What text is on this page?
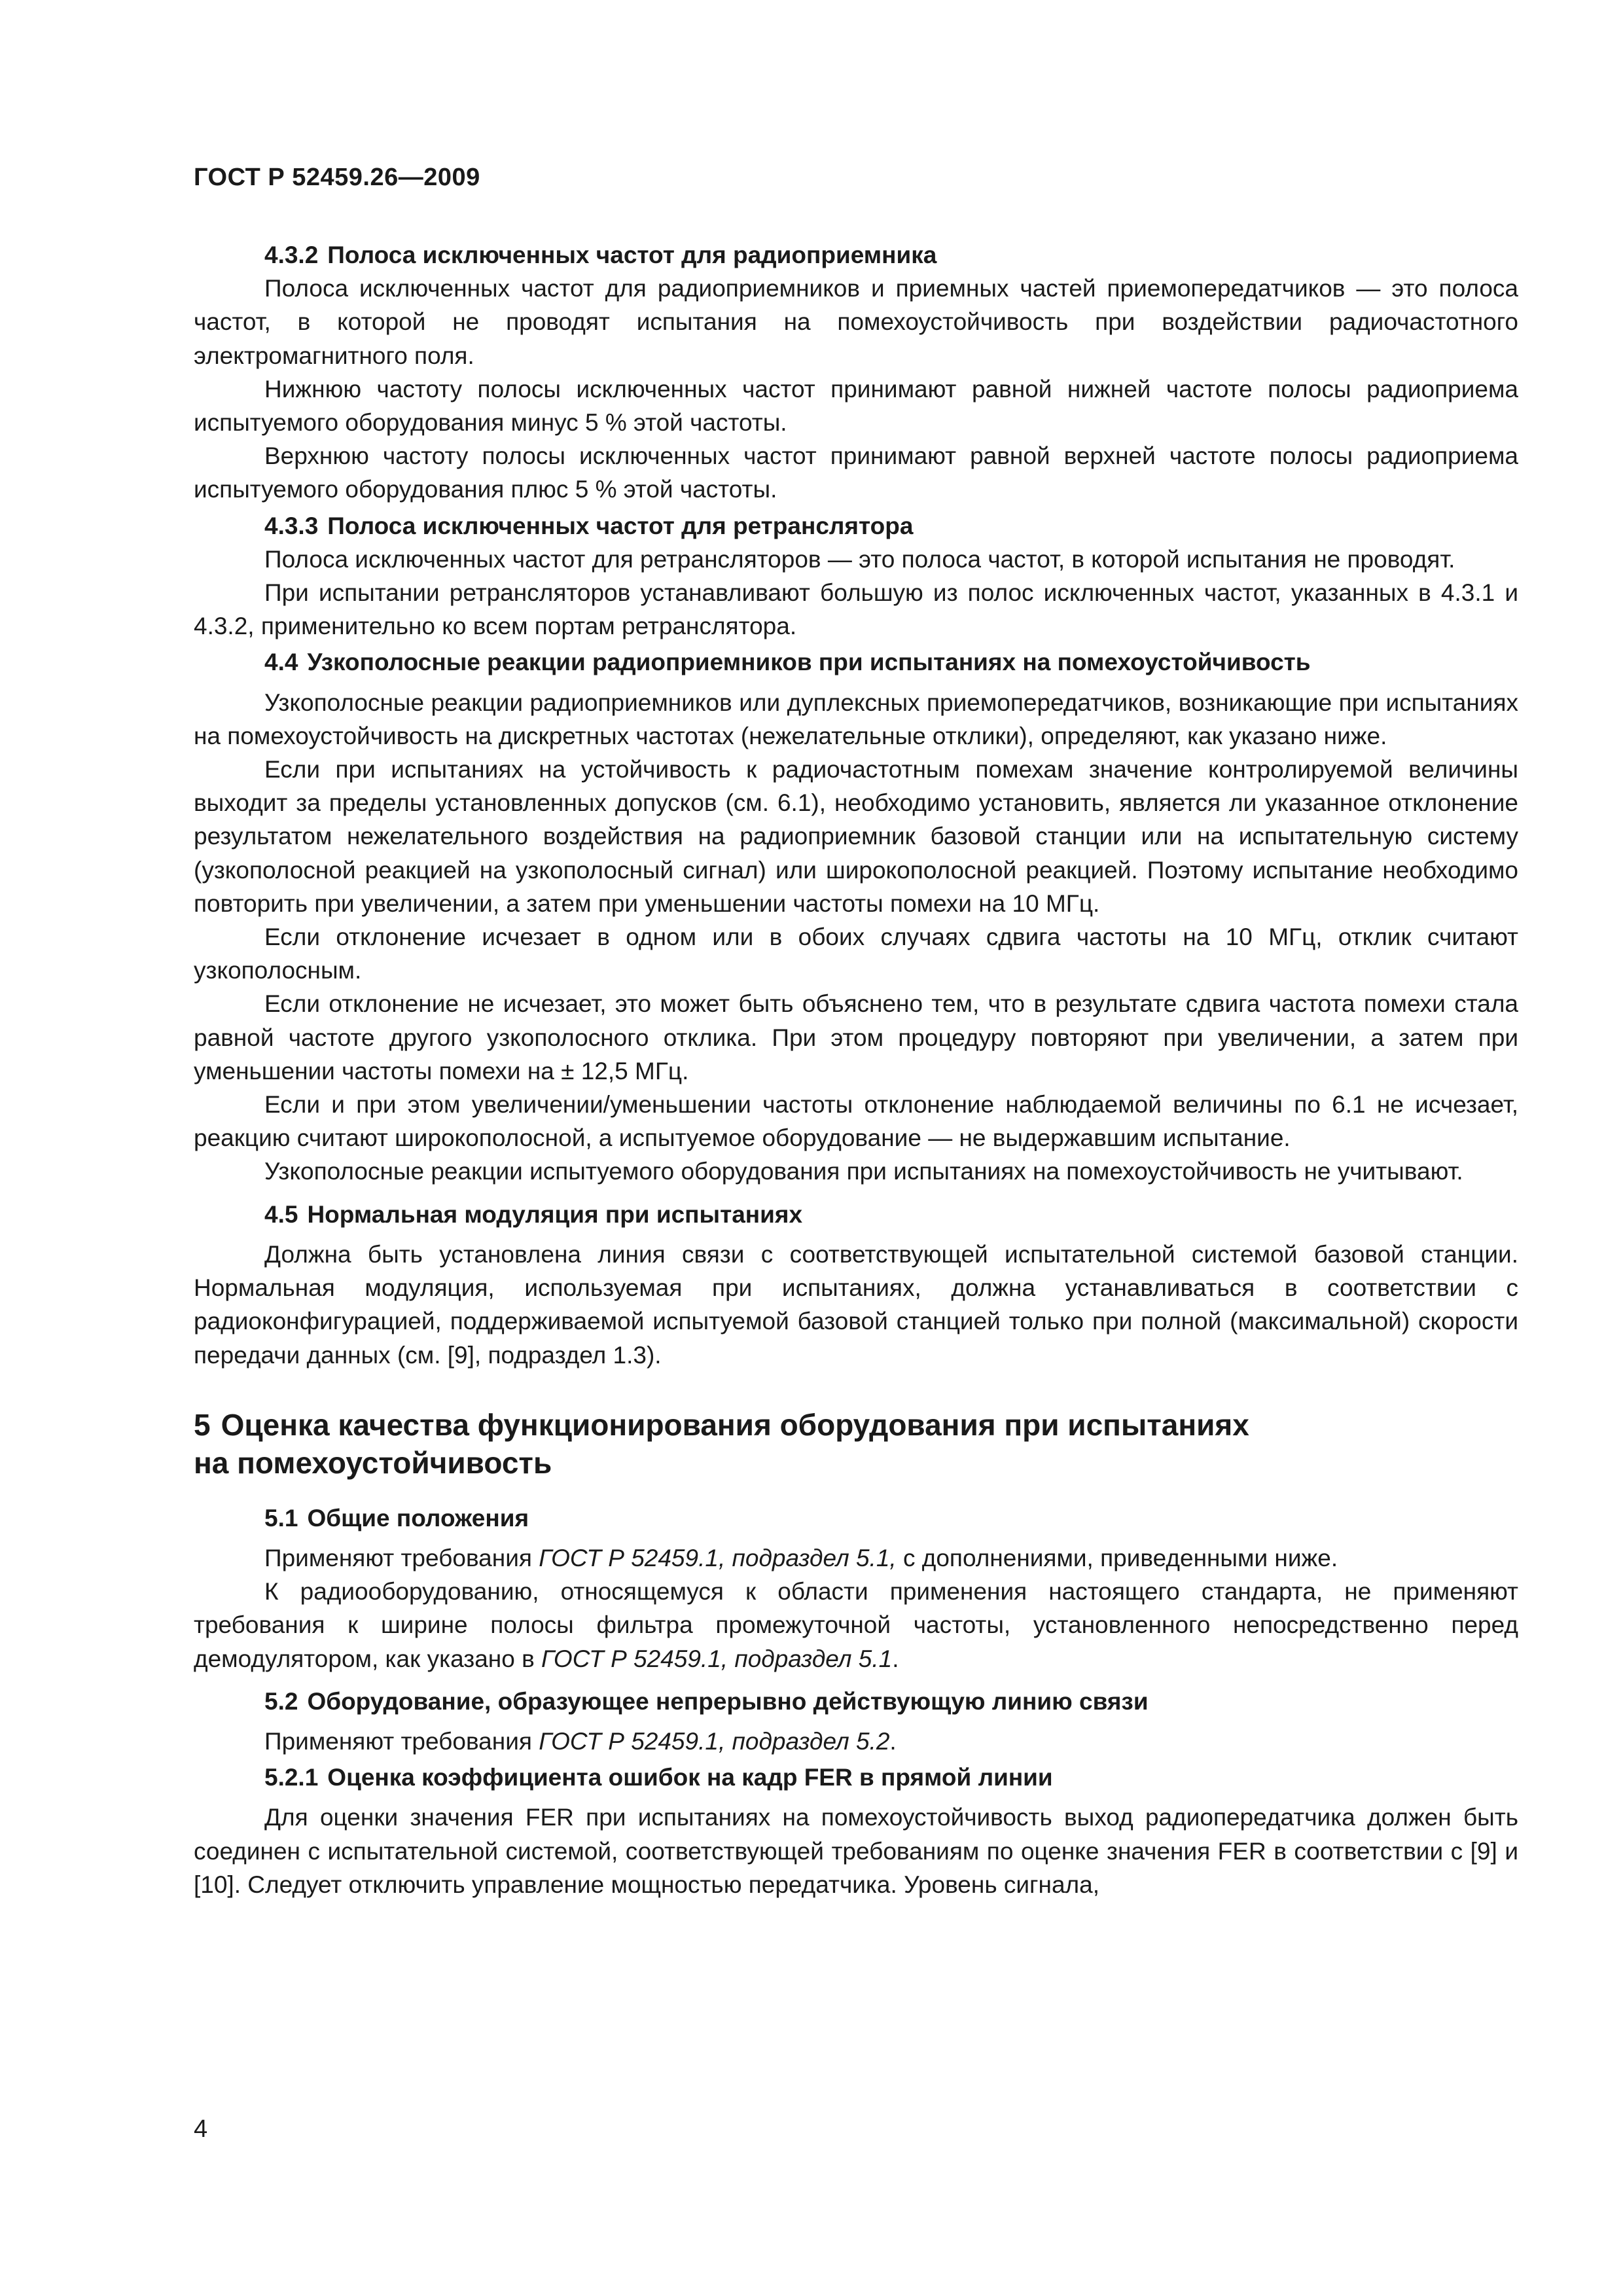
ГОСТ Р 52459.26—2009
4.3.2 Полоса исключенных частот для радиоприемника

Полоса исключенных частот для радиоприемников и приемных частей приемопередатчиков — это полоса частот, в которой не проводят испытания на помехоустойчивость при воздействии радиочастотного электромагнитного поля.

Нижнюю частоту полосы исключенных частот принимают равной нижней частоте полосы радиоприема испытуемого оборудования минус 5 % этой частоты.

Верхнюю частоту полосы исключенных частот принимают равной верхней частоте полосы радиоприема испытуемого оборудования плюс 5 % этой частоты.

4.3.3 Полоса исключенных частот для ретранслятора

Полоса исключенных частот для ретрансляторов — это полоса частот, в которой испытания не проводят.

При испытании ретрансляторов устанавливают большую из полос исключенных частот, указанных в 4.3.1 и 4.3.2, применительно ко всем портам ретранслятора.

4.4 Узкополосные реакции радиоприемников при испытаниях на помехоустойчивость

Узкополосные реакции радиоприемников или дуплексных приемопередатчиков, возникающие при испытаниях на помехоустойчивость на дискретных частотах (нежелательные отклики), определяют, как указано ниже.

Если при испытаниях на устойчивость к радиочастотным помехам значение контролируемой величины выходит за пределы установленных допусков (см. 6.1), необходимо установить, является ли указанное отклонение результатом нежелательного воздействия на радиоприемник базовой станции или на испытательную систему (узкополосной реакцией на узкополосный сигнал) или широкополосной реакцией. Поэтому испытание необходимо повторить при увеличении, а затем при уменьшении частоты помехи на 10 МГц.

Если отклонение исчезает в одном или в обоих случаях сдвига частоты на 10 МГц, отклик считают узкополосным.

Если отклонение не исчезает, это может быть объяснено тем, что в результате сдвига частота помехи стала равной частоте другого узкополосного отклика. При этом процедуру повторяют при увеличении, а затем при уменьшении частоты помехи на ± 12,5 МГц.

Если и при этом увеличении/уменьшении частоты отклонение наблюдаемой величины по 6.1 не исчезает, реакцию считают широкополосной, а испытуемое оборудование — не выдержавшим испытание.

Узкополосные реакции испытуемого оборудования при испытаниях на помехоустойчивость не учитывают.

4.5 Нормальная модуляция при испытаниях

Должна быть установлена линия связи с соответствующей испытательной системой базовой станции. Нормальная модуляция, используемая при испытаниях, должна устанавливаться в соответствии с радиоконфигурацией, поддерживаемой испытуемой базовой станцией только при полной (максимальной) скорости передачи данных (см. [9], подраздел 1.3).

5 Оценка качества функционирования оборудования при испытаниях
на помехоустойчивость
5.1 Общие положения

Применяют требования ГОСТ Р 52459.1, подраздел 5.1, с дополнениями, приведенными ниже.

К радиооборудованию, относящемуся к области применения настоящего стандарта, не применяют требования к ширине полосы фильтра промежуточной частоты, установленного непосредственно перед демодулятором, как указано в ГОСТ Р 52459.1, подраздел 5.1.

5.2 Оборудование, образующее непрерывно действующую линию связи

Применяют требования ГОСТ Р 52459.1, подраздел 5.2.

5.2.1 Оценка коэффициента ошибок на кадр FER в прямой линии

Для оценки значения FER при испытаниях на помехоустойчивость выход радиопередатчика должен быть соединен с испытательной системой, соответствующей требованиям по оценке значения FER в соответствии с [9] и [10]. Следует отключить управление мощностью передатчика. Уровень сигнала,

4
